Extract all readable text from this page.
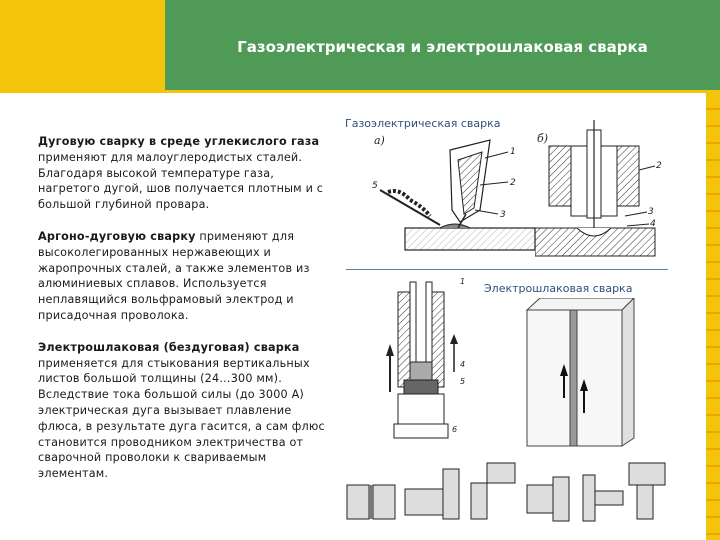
Газоэлектрическая и электрошлаковая сварка

Дуговую сварку в среде углекислого газа применяют для малоуглеродистых сталей. Благодаря высокой температуре газа, нагретого дугой, шов получается плотным и с большой глубиной провара.

Аргоно-дуговую сварку применяют для высоколегированных нержавеющих и жаропрочных сталей, а также элементов из алюминиевых сплавов. Используется неплавящийся вольфрамовый электрод и присадочная проволока.

Электрошлаковая (бездуговая) сварка применяется для стыкования вертикальных листов большой толщины (24…300 мм). Вследствие тока большой силы (до 3000 А) электрическая дуга вызывает плавление флюса, в результате дуга гасится, а сам флюс становится проводником электричества от сварочной проволоки к свариваемым элементам.

Газоэлектрическая сварка
Электрошлаковая сварка
а)
1
2
3
5
б)
2
3
4
1
4
5
6
